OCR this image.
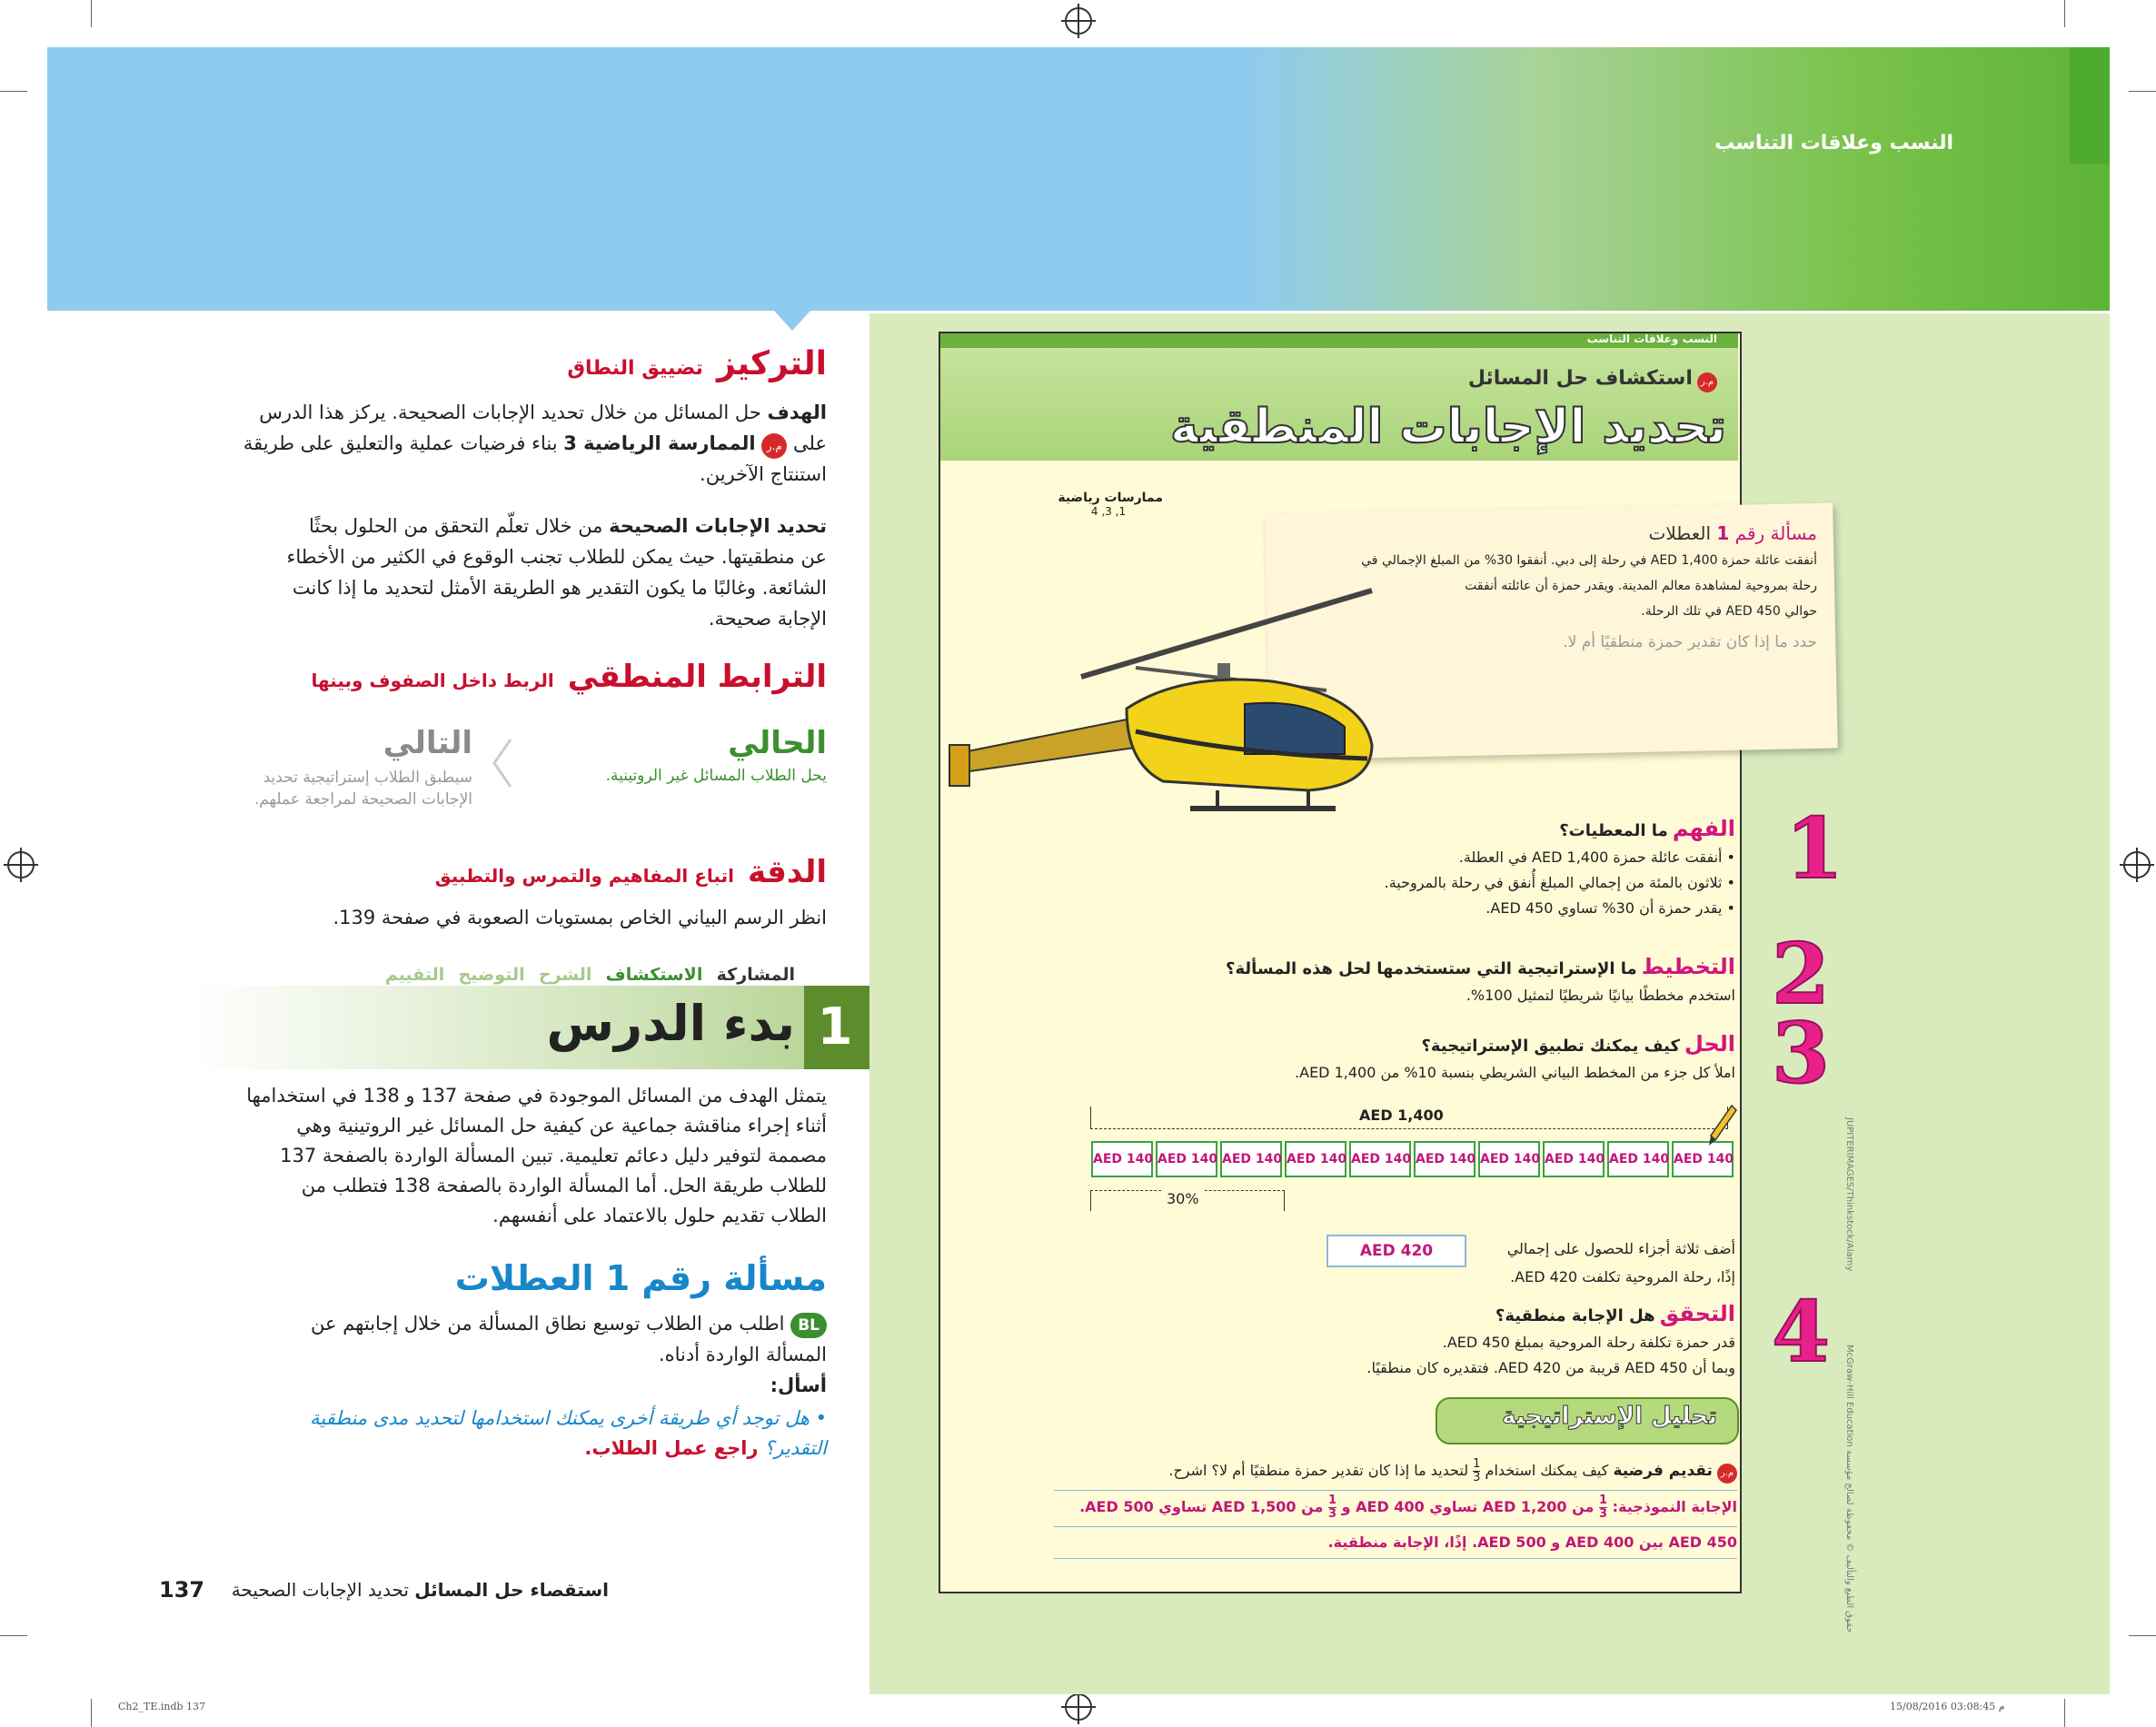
النسب وعلاقات التناسب
التركيز تضييق النطاق
الهدف حل المسائل من خلال تحديد الإجابات الصحيحة. يركز هذا الدرس
على م.ر الممارسة الرياضية 3 بناء فرضيات عملية والتعليق على طريقة
استنتاج الآخرين.
تحديد الإجابات الصحيحة من خلال تعلّم التحقق من الحلول بحثًا
عن منطقيتها. حيث يمكن للطلاب تجنب الوقوع في الكثير من الأخطاء
الشائعة. وغالبًا ما يكون التقدير هو الطريقة الأمثل لتحديد ما إذا كانت
الإجابة صحيحة.
الترابط المنطقي الربط داخل الصفوف وبينها
الحالي
يحل الطلاب المسائل غير الروتينية.
التالي
سيطبق الطلاب إستراتيجية تحديد
الإجابات الصحيحة لمراجعة عملهم.
الدقة اتباع المفاهيم والتمرس والتطبيق
انظر الرسم البياني الخاص بمستويات الصعوبة في صفحة 139.
المشاركة   الاستكشاف   الشرح   التوضيح   التقييم
1
بدء الدرس
يتمثل الهدف من المسائل الموجودة في صفحة 137 و 138 في استخدامها
أثناء إجراء مناقشة جماعية عن كيفية حل المسائل غير الروتينية وهي
مصممة لتوفير دليل دعائم تعليمية. تبين المسألة الواردة بالصفحة 137
للطلاب طريقة الحل. أما المسألة الواردة بالصفحة 138 فتطلب من
الطلاب تقديم حلول بالاعتماد على أنفسهم.
مسألة رقم 1 العطلات
BL اطلب من الطلاب توسيع نطاق المسألة من خلال إجابتهم عن
المسألة الواردة أدناه.
أسأل:
• هل توجد أي طريقة أخرى يمكنك استخدامها لتحديد مدى منطقية
التقدير؟ راجع عمل الطلاب.
استقصاء حل المسائل تحديد الإجابات الصحيحة
137
Ch2_TE.indb 137	15/08/2016 03:08:45 م
النسب وعلاقات التناسب
م.ر استكشاف حل المسائل
تحديد الإجابات المنطقية
ممارسات رياضية
1, 3, 4
مسألة رقم 1 العطلات
أنفقت عائلة حمزة AED 1,400 في رحلة إلى دبي. أنفقوا 30% من المبلغ الإجمالي في
رحلة بمروحية لمشاهدة معالم المدينة. ويقدر حمزة أن عائلته أنفقت
حوالي AED 450 في تلك الرحلة.
حدد ما إذا كان تقدير حمزة منطقيًا أم لا.
1
الفهم ما المعطيات؟
• أنفقت عائلة حمزة AED 1,400 في العطلة.
• ثلاثون بالمئة من إجمالي المبلغ أُنفق في رحلة بالمروحية.
• يقدر حمزة أن 30% تساوي AED 450.
2
التخطيط ما الإستراتيجية التي ستستخدمها لحل هذه المسألة؟
استخدم مخططًا بيانيًا شريطيًا لتمثيل 100%.
3
الحل كيف يمكنك تطبيق الإستراتيجية؟
املأ كل جزء من المخطط البياني الشريطي بنسبة 10% من AED 1,400.
AED 1,400
AED 140 AED 140 AED 140 AED 140 AED 140 AED 140 AED 140 AED 140 AED 140 AED 140
30%
أضف ثلاثة أجزاء للحصول على إجمالي
AED 420
إذًا، رحلة المروحية تكلفت AED 420.
4
التحقق هل الإجابة منطقية؟
قدر حمزة تكلفة رحلة المروحية بمبلغ AED 450.
وبما أن AED 450 قريبة من AED 420. فتقديره كان منطقيًا.
تحليل الإستراتيجية
م.ر تقديم فرضية كيف يمكنك استخدام
$\frac{1}{3}$
لتحديد ما إذا كان تقدير حمزة منطقيًا أم لا؟ اشرح.
الإجابة النموذجية:
$\frac{1}{3}$
من AED 1,200 تساوي AED 400 و
$\frac{1}{3}$
من AED 1,500 تساوي AED 500.
AED 450 بين AED 400 و AED 500. إذًا، الإجابة منطقية.
JUPITERIMAGES/Thinkstock/Alamy
McGraw-Hill Education حقوق الطبع والتأليف © محفوظة لصالح مؤسسة
